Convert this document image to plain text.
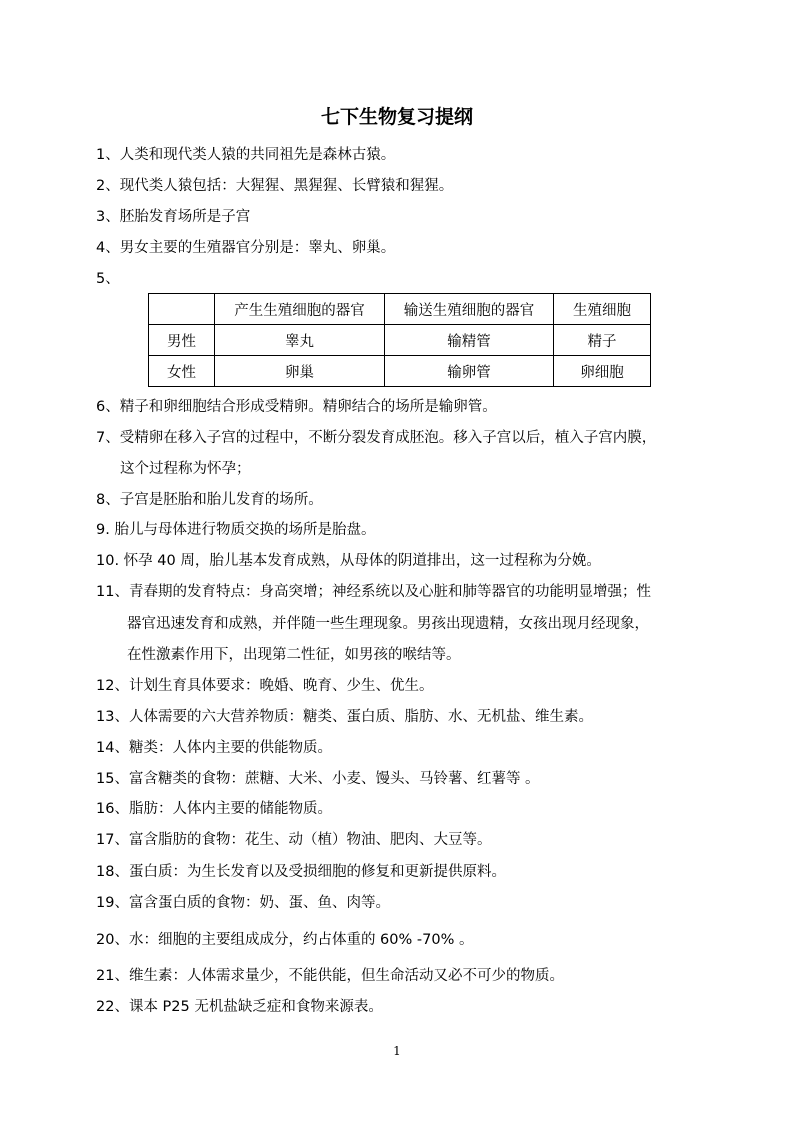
七下生物复习提纲
1、人类和现代类人猿的共同祖先是森林古猿。
2、现代类人猿包括：大猩猩、黑猩猩、长臂猿和猩猩。
3、胚胎发育场所是子宫
4、男女主要的生殖器官分别是：睾丸、卵巢。
5、
	产生生殖细胞的器官	输送生殖细胞的器官	生殖细胞
男性	睾丸	输精管	精子
女性	卵巢	输卵管	卵细胞
6、精子和卵细胞结合形成受精卵。精卵结合的场所是输卵管。
7、受精卵在移入子宫的过程中，不断分裂发育成胚泡。移入子宫以后，植入子宫内膜，
这个过程称为怀孕；
8、子宫是胚胎和胎儿发育的场所。
9. 胎儿与母体进行物质交换的场所是胎盘。
10. 怀孕 40 周，胎儿基本发育成熟，从母体的阴道排出，这一过程称为分娩。
11、青春期的发育特点：身高突增；神经系统以及心脏和肺等器官的功能明显增强；性
器官迅速发育和成熟，并伴随一些生理现象。男孩出现遗精，女孩出现月经现象，
在性激素作用下，出现第二性征，如男孩的喉结等。
12、计划生育具体要求：晚婚、晚育、少生、优生。
13、人体需要的六大营养物质：糖类、蛋白质、脂肪、水、无机盐、维生素。
14、糖类：人体内主要的供能物质。
15、富含糖类的食物：蔗糖、大米、小麦、馒头、马铃薯、红薯等 。
16、脂肪：人体内主要的储能物质。
17、富含脂肪的食物：花生、动（植）物油、肥肉、大豆等。
18、蛋白质：为生长发育以及受损细胞的修复和更新提供原料。
19、富含蛋白质的食物：奶、蛋、鱼、肉等。
20、水：细胞的主要组成成分，约占体重的 60% -70% 。
21、维生素：人体需求量少，不能供能，但生命活动又必不可少的物质。
22、课本 P25 无机盐缺乏症和食物来源表。
1
